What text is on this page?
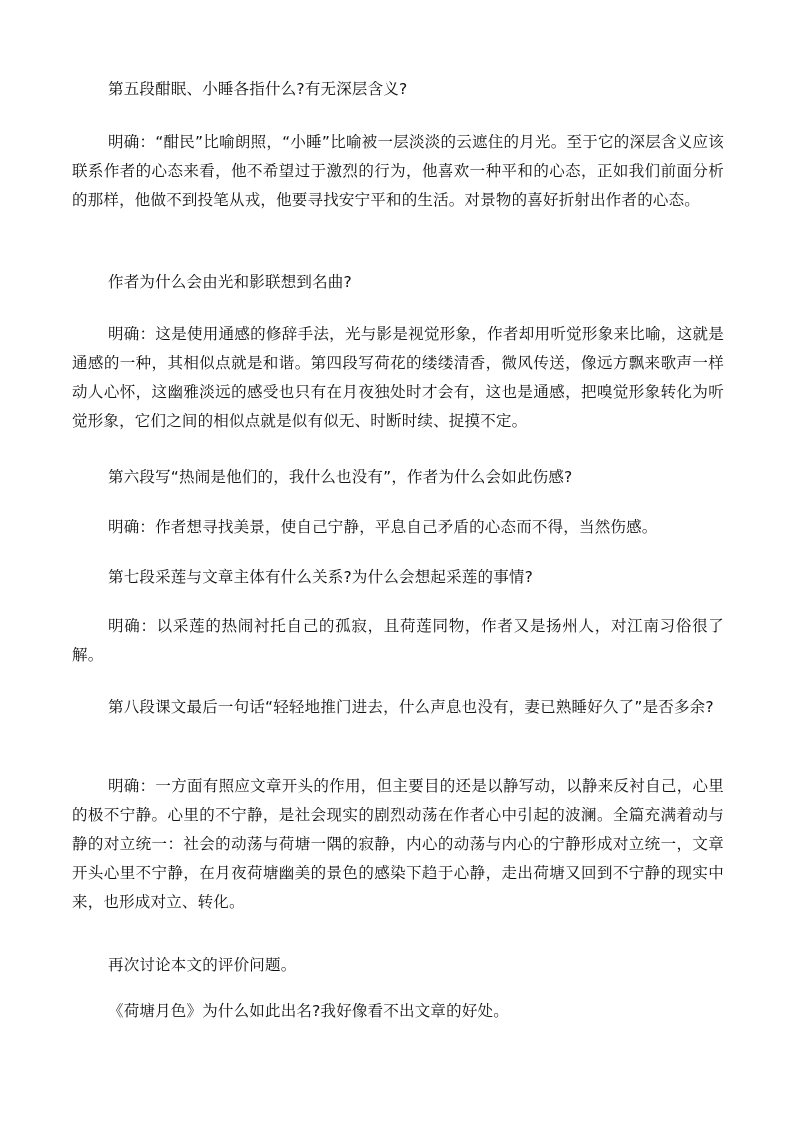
第五段酣眠、小睡各指什么?有无深层含义?

明确：“酣民”比喻朗照，“小睡”比喻被一层淡淡的云遮住的月光。至于它的深层含义应该联系作者的心态来看，他不希望过于激烈的行为，他喜欢一种平和的心态，正如我们前面分析的那样，他做不到投笔从戎，他要寻找安宁平和的生活。对景物的喜好折射出作者的心态。

作者为什么会由光和影联想到名曲?

明确：这是使用通感的修辞手法，光与影是视觉形象，作者却用听觉形象来比喻，这就是通感的一种，其相似点就是和谐。第四段写荷花的缕缕清香，微风传送，像远方飘来歌声一样动人心怀，这幽雅淡远的感受也只有在月夜独处时才会有，这也是通感，把嗅觉形象转化为听觉形象，它们之间的相似点就是似有似无、时断时续、捉摸不定。

第六段写“热闹是他们的，我什么也没有”，作者为什么会如此伤感?

明确：作者想寻找美景，使自己宁静，平息自己矛盾的心态而不得，当然伤感。

第七段采莲与文章主体有什么关系?为什么会想起采莲的事情?

明确：以采莲的热闹衬托自己的孤寂，且荷莲同物，作者又是扬州人，对江南习俗很了解。

第八段课文最后一句话“轻轻地推门进去，什么声息也没有，妻已熟睡好久了”是否多余?

明确：一方面有照应文章开头的作用，但主要目的还是以静写动，以静来反衬自己，心里的极不宁静。心里的不宁静，是社会现实的剧烈动荡在作者心中引起的波澜。全篇充满着动与静的对立统一：社会的动荡与荷塘一隅的寂静，内心的动荡与内心的宁静形成对立统一，文章开头心里不宁静，在月夜荷塘幽美的景色的感染下趋于心静，走出荷塘又回到不宁静的现实中来，也形成对立、转化。

再次讨论本文的评价问题。

《荷塘月色》为什么如此出名?我好像看不出文章的好处。
